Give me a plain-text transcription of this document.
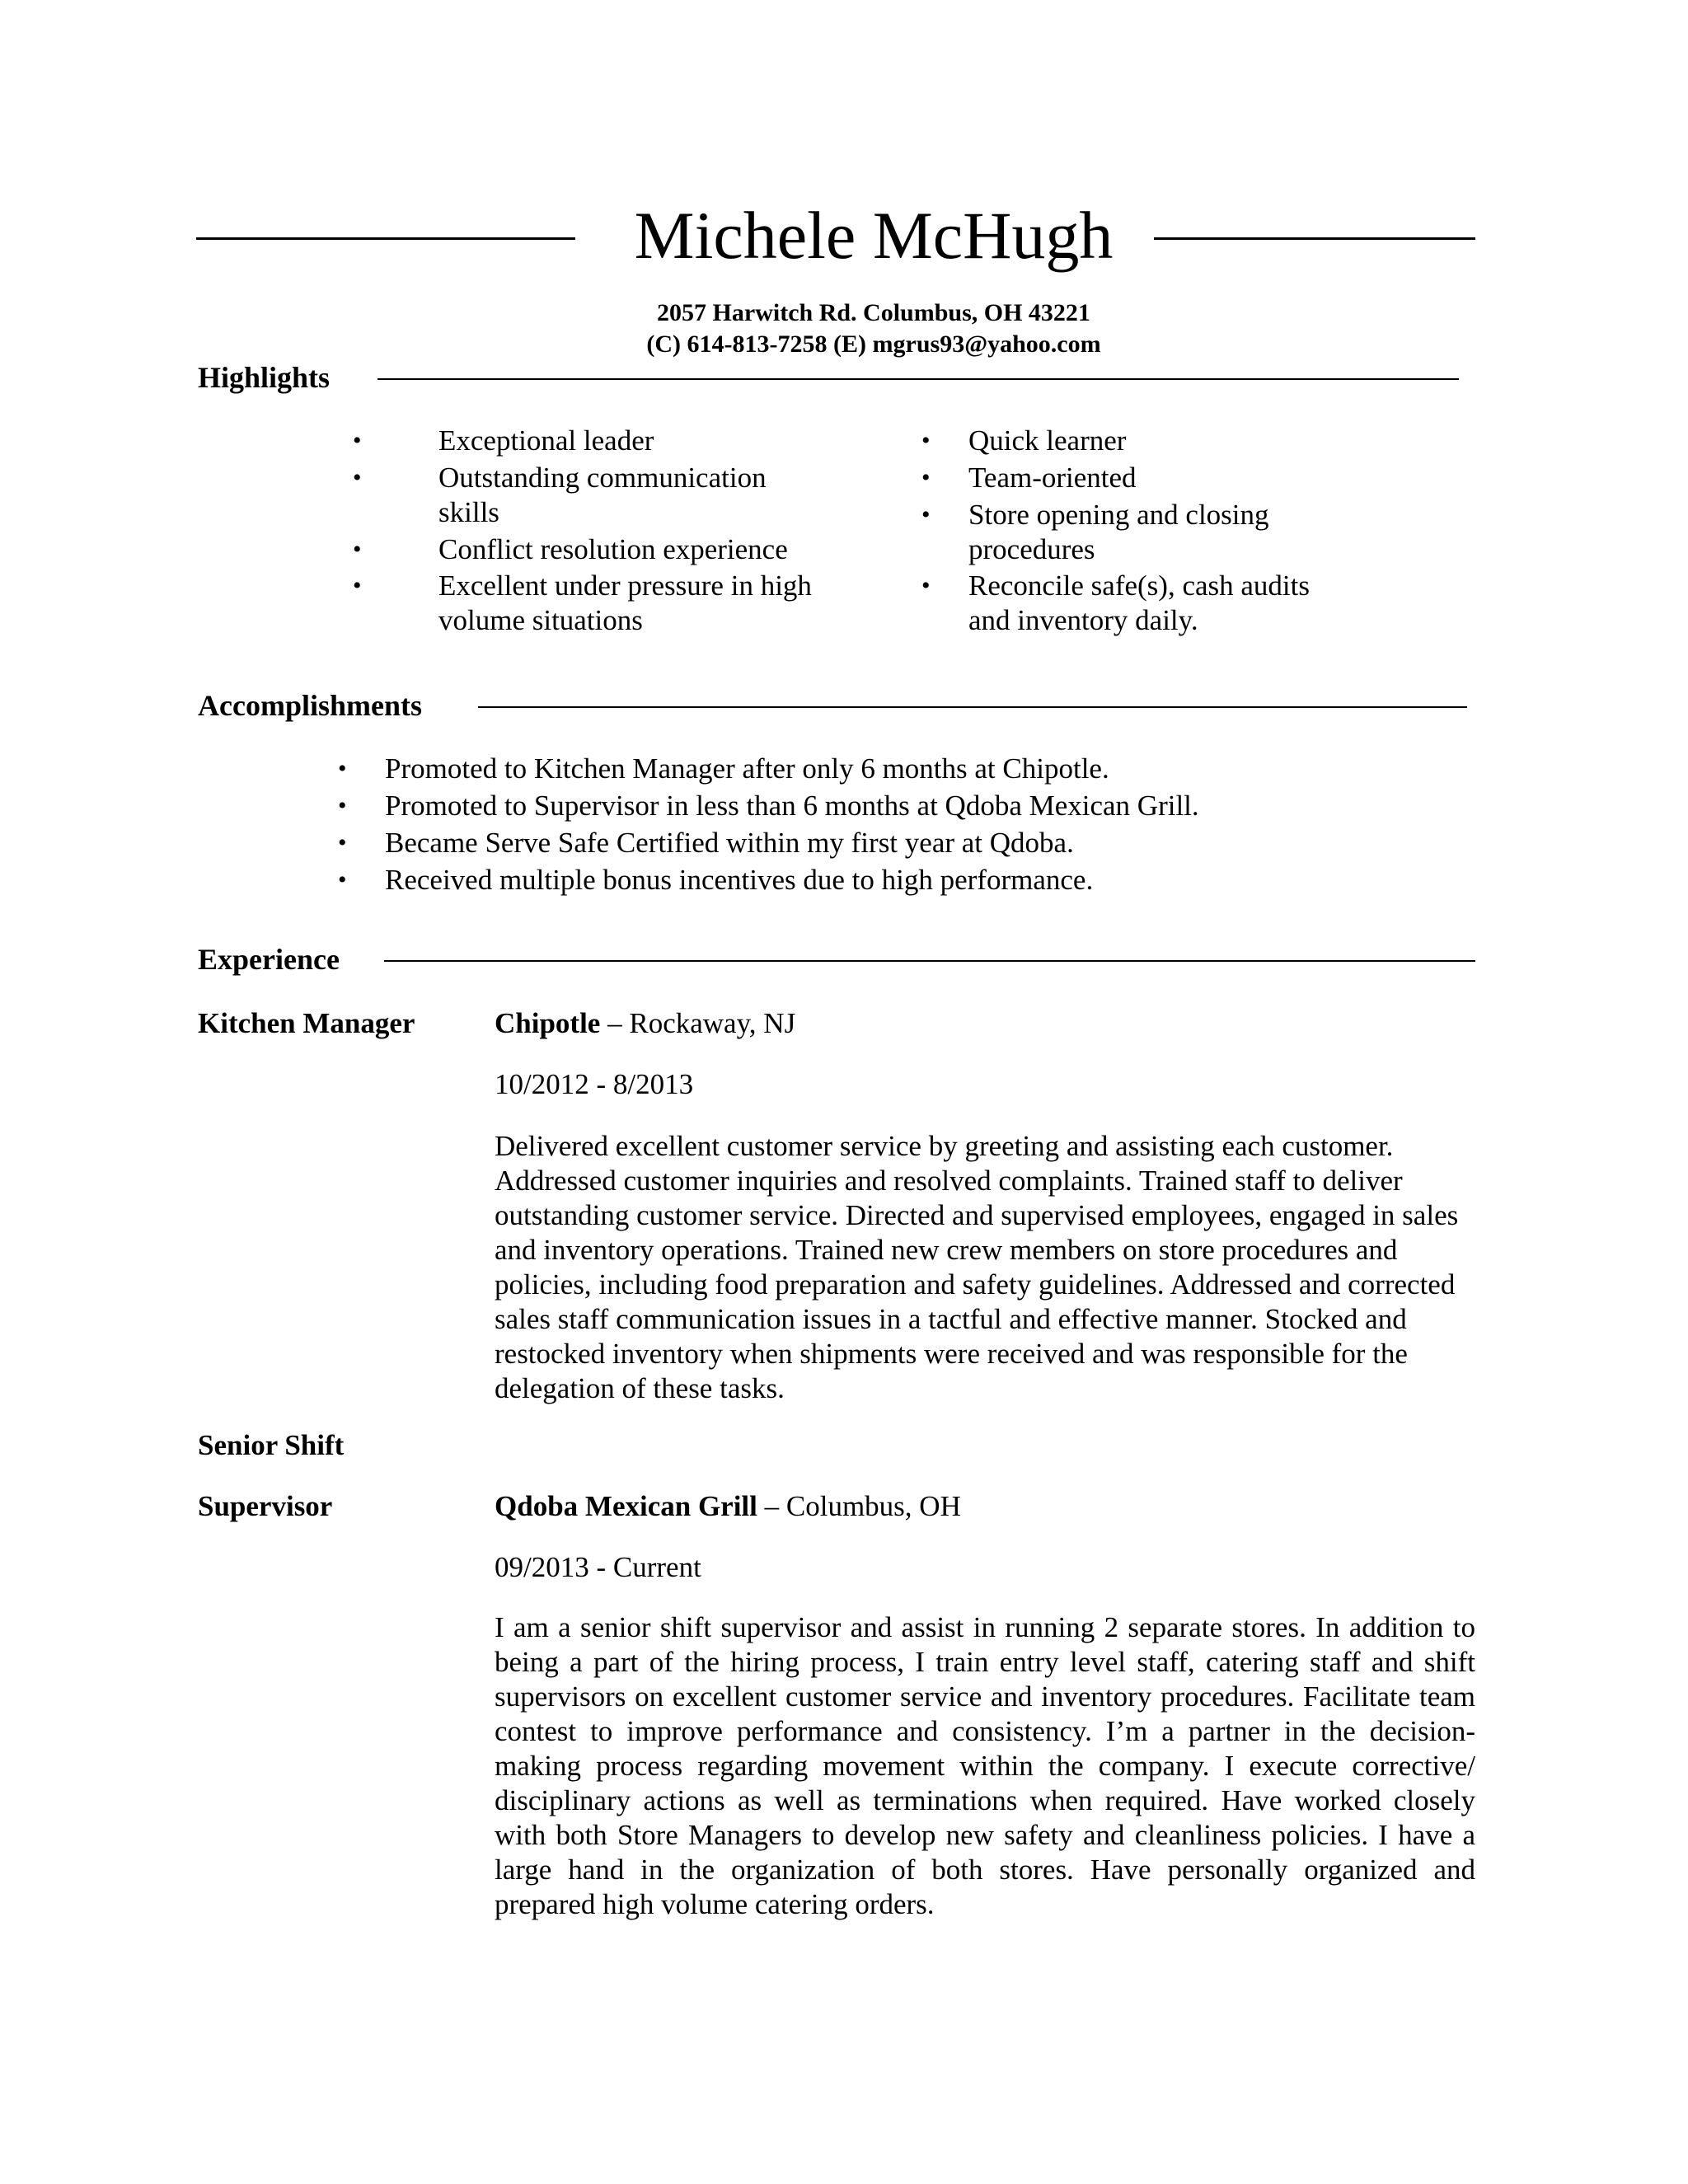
Michele McHugh
2057 Harwitch Rd. Columbus, OH 43221
(C) 614-813-7258 (E) mgrus93@yahoo.com
Highlights
•	Exceptional leader
•	Outstanding communication skills
•	Conflict resolution experience
•	Excellent under pressure in high volume situations
• Quick learner
• Team-oriented
• Store opening and closing procedures
• Reconcile safe(s), cash audits and inventory daily.
Accomplishments
• Promoted to Kitchen Manager after only 6 months at Chipotle.
• Promoted to Supervisor in less than 6 months at Qdoba Mexican Grill.
• Became Serve Safe Certified within my first year at Qdoba.
• Received multiple bonus incentives due to high performance.
Experience
Kitchen Manager	Chipotle – Rockaway, NJ
10/2012 - 8/2013
Delivered excellent customer service by greeting and assisting each customer. Addressed customer inquiries and resolved complaints. Trained staff to deliver outstanding customer service. Directed and supervised employees, engaged in sales and inventory operations. Trained new crew members on store procedures and policies, including food preparation and safety guidelines. Addressed and corrected sales staff communication issues in a tactful and effective manner. Stocked and restocked inventory when shipments were received and was responsible for the delegation of these tasks.
Senior Shift
Supervisor	Qdoba Mexican Grill – Columbus, OH
09/2013 - Current
I am a senior shift supervisor and assist in running 2 separate stores. In addition to being a part of the hiring process, I train entry level staff, catering staff and shift supervisors on excellent customer service and inventory procedures. Facilitate team contest to improve performance and consistency. I’m a partner in the decision-making process regarding movement within the company. I execute corrective/ disciplinary actions as well as terminations when required. Have worked closely with both Store Managers to develop new safety and cleanliness policies. I have a large hand in the organization of both stores. Have personally organized and prepared high volume catering orders.
